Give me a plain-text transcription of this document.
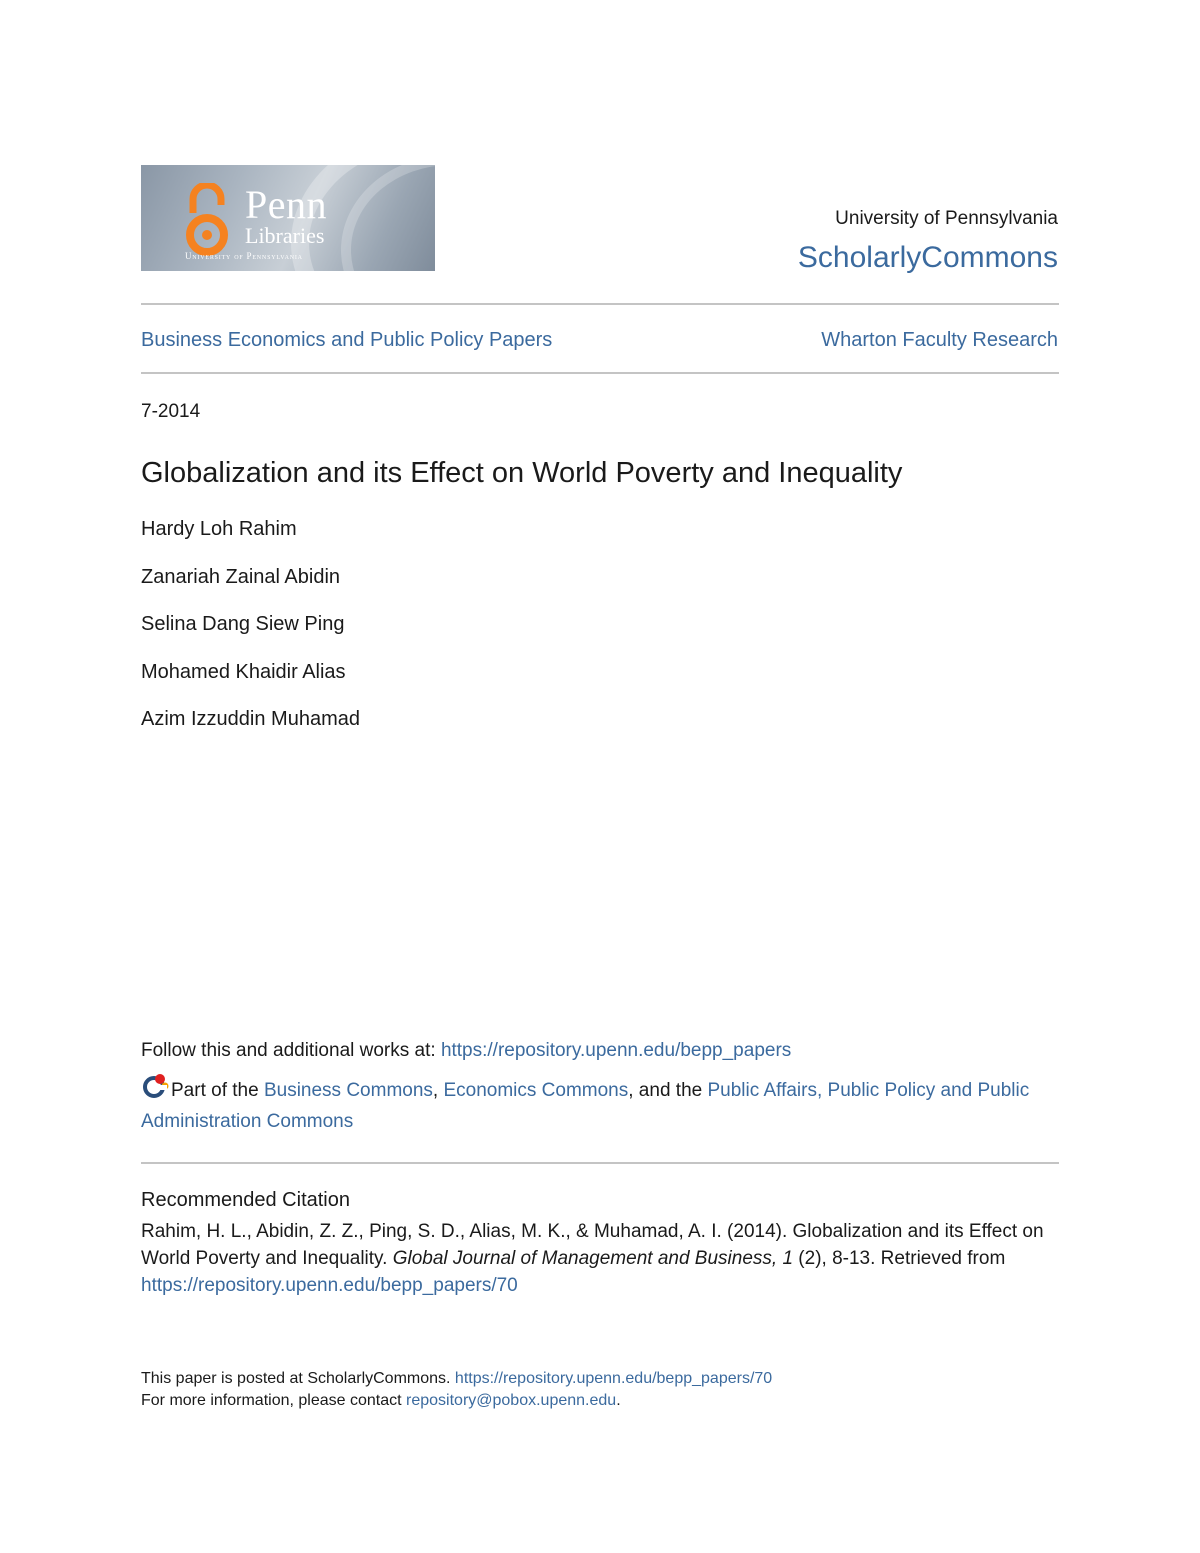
Penn
Libraries
University of Pennsylvania
University of Pennsylvania
ScholarlyCommons
Business Economics and Public Policy Papers	Wharton Faculty Research
7-2014
Globalization and its Effect on World Poverty and Inequality
Hardy Loh Rahim
Zanariah Zainal Abidin
Selina Dang Siew Ping
Mohamed Khaidir Alias
Azim Izzuddin Muhamad
Follow this and additional works at: https://repository.upenn.edu/bepp_papers
Part of the Business Commons, Economics Commons, and the Public Affairs, Public Policy and Public Administration Commons
Recommended Citation
Rahim, H. L., Abidin, Z. Z., Ping, S. D., Alias, M. K., & Muhamad, A. I. (2014). Globalization and its Effect on World Poverty and Inequality. Global Journal of Management and Business, 1 (2), 8-13. Retrieved from
https://repository.upenn.edu/bepp_papers/70
This paper is posted at ScholarlyCommons. https://repository.upenn.edu/bepp_papers/70
For more information, please contact repository@pobox.upenn.edu.
